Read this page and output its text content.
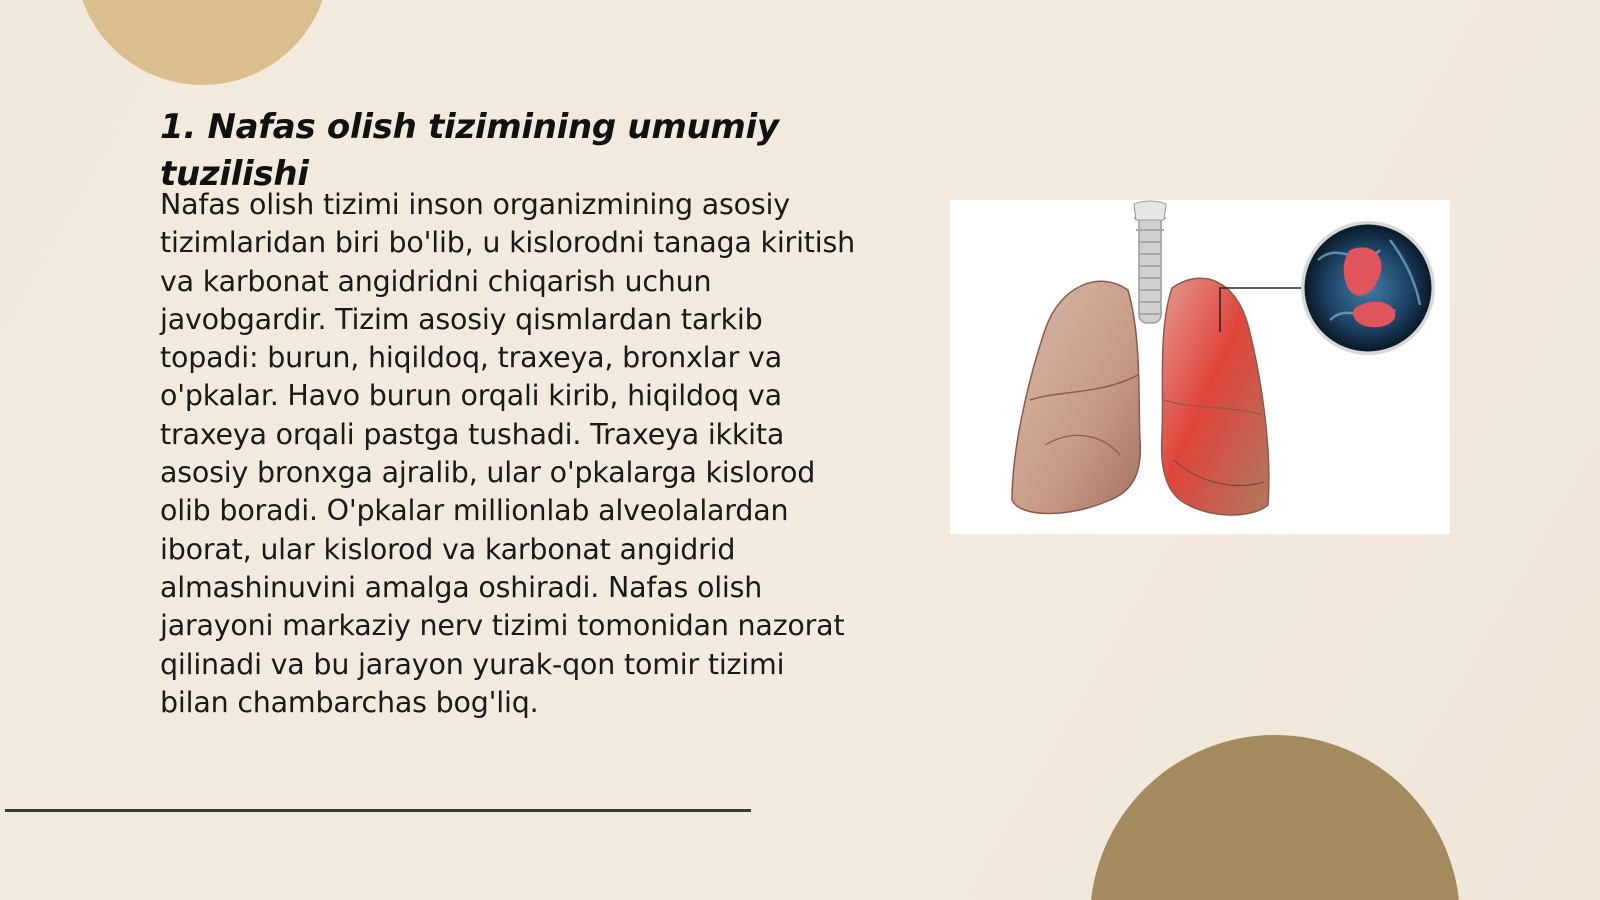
1. Nafas olish tizimining umumiy tuzilishi

Nafas olish tizimi inson organizmining asosiy tizimlaridan biri bo'lib, u kislorodni tanaga kiritish va karbonat angidridni chiqarish uchun javobgardir. Tizim asosiy qismlardan tarkib topadi: burun, hiqildoq, traxeya, bronxlar va o'pkalar. Havo burun orqali kirib, hiqildoq va traxeya orqali pastga tushadi. Traxeya ikkita asosiy bronxga ajralib, ular o'pkalarga kislorod olib boradi. O'pkalar millionlab alveolalardan iborat, ular kislorod va karbonat angidrid almashinuvini amalga oshiradi. Nafas olish jarayoni markaziy nerv tizimi tomonidan nazorat qilinadi va bu jarayon yurak-qon tomir tizimi bilan chambarchas bog'liq.
